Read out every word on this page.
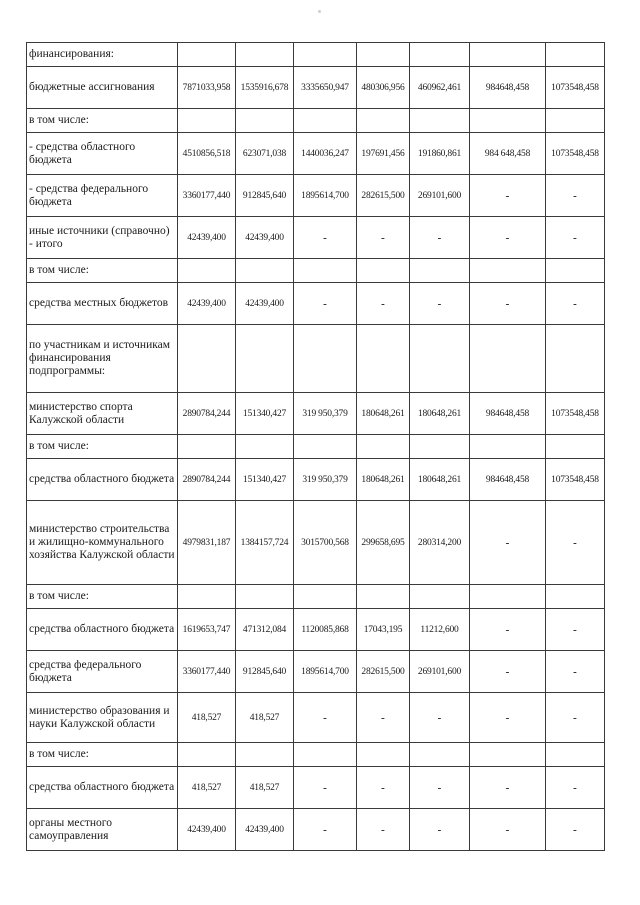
финансирования:							
бюджетные ассигнования	7871033,958	1535916,678	3335650,947	480306,956	460962,461	984648,458	1073548,458
в том числе:							
- средства областного бюджета	4510856,518	623071,038	1440036,247	197691,456	191860,861	984 648,458	1073548,458
- средства федерального бюджета	3360177,440	912845,640	1895614,700	282615,500	269101,600	-	-
иные источники (справочно) - итого	42439,400	42439,400	-	-	-	-	-
в том числе:							
средства местных бюджетов	42439,400	42439,400	-	-	-	-	-
по участникам и источникам финансирования подпрограммы:							
министерство спорта Калужской области	2890784,244	151340,427	319 950,379	180648,261	180648,261	984648,458	1073548,458
в том числе:							
средства областного бюджета	2890784,244	151340,427	319 950,379	180648,261	180648,261	984648,458	1073548,458
министерство строительства и жилищно-коммунального хозяйства Калужской области	4979831,187	1384157,724	3015700,568	299658,695	280314,200	-	-
в том числе:							
средства областного бюджета	1619653,747	471312,084	1120085,868	17043,195	11212,600	-	-
средства федерального бюджета	3360177,440	912845,640	1895614,700	282615,500	269101,600	-	-
министерство образования и науки Калужской области	418,527	418,527	-	-	-	-	-
в том числе:							
средства областного бюджета	418,527	418,527	-	-	-	-	-
органы местного самоуправления	42439,400	42439,400	-	-	-	-	-
